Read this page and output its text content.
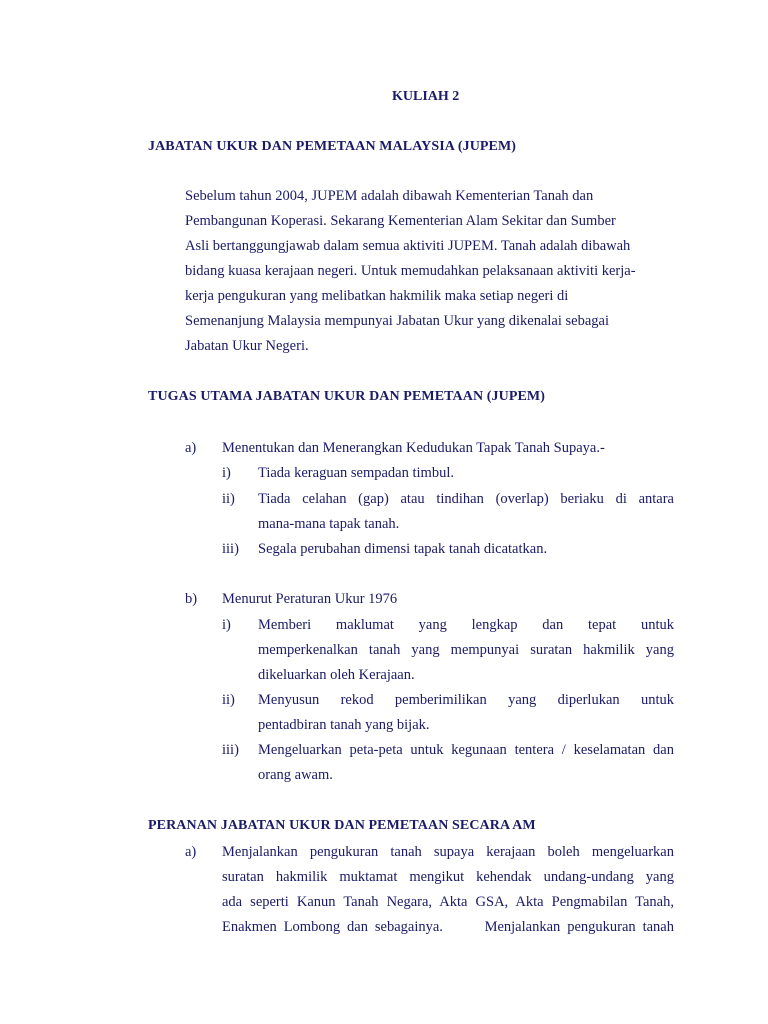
KULIAH 2
JABATAN UKUR DAN PEMETAAN MALAYSIA (JUPEM)
Sebelum tahun 2004, JUPEM adalah dibawah Kementerian Tanah dan
Pembangunan Koperasi. Sekarang Kementerian Alam Sekitar dan Sumber
Asli bertanggungjawab dalam semua aktiviti JUPEM. Tanah adalah dibawah
bidang kuasa kerajaan negeri. Untuk memudahkan pelaksanaan aktiviti kerja-
kerja pengukuran yang melibatkan hakmilik maka setiap negeri di
Semenanjung Malaysia mempunyai Jabatan Ukur yang dikenalai sebagai
Jabatan Ukur Negeri.
TUGAS UTAMA JABATAN UKUR DAN PEMETAAN (JUPEM)
a) Menentukan dan Menerangkan Kedudukan Tapak Tanah Supaya.-
i) Tiada keraguan sempadan timbul.
ii) Tiada celahan (gap) atau tindihan (overlap) beriaku di antara
mana-mana tapak tanah.
iii) Segala perubahan dimensi tapak tanah dicatatkan.
b) Menurut Peraturan Ukur 1976
i) Memberi maklumat yang lengkap dan tepat untuk
memperkenalkan tanah yang mempunyai suratan hakmilik yang
dikeluarkan oleh Kerajaan.
ii) Menyusun rekod pemberimilikan yang diperlukan untuk
pentadbiran tanah yang bijak.
iii) Mengeluarkan peta-peta untuk kegunaan tentera / keselamatan dan
orang awam.
PERANAN JABATAN UKUR DAN PEMETAAN SECARA AM
a) Menjalankan pengukuran tanah supaya kerajaan boleh mengeluarkan
suratan hakmilik muktamat mengikut kehendak undang-undang yang
ada seperti Kanun Tanah Negara, Akta GSA, Akta Pengmabilan Tanah,
Enakmen Lombong dan sebagainya.      Menjalankan pengukuran tanah
